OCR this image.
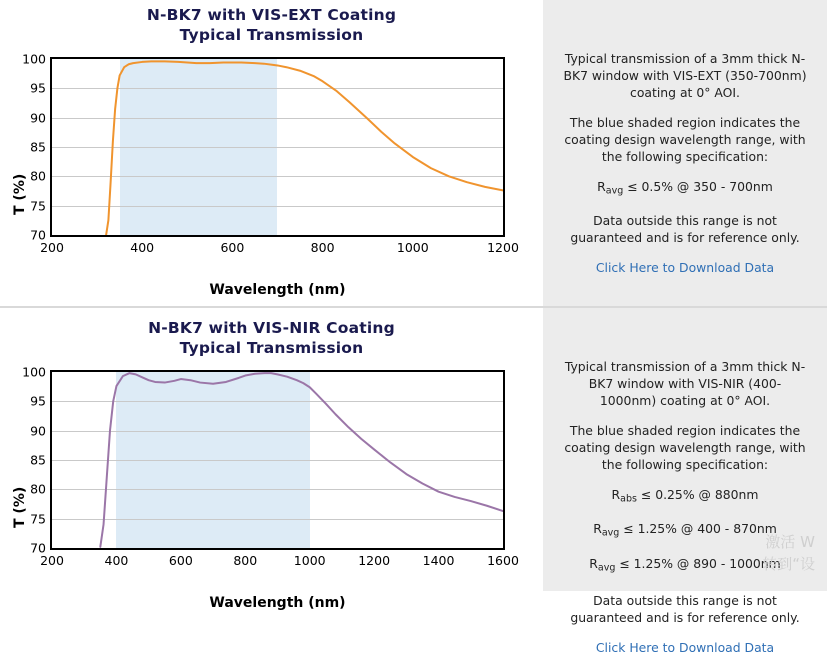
N-BK7 with VIS-EXT Coating
Typical Transmission
70
75
80
85
90
95
100
200	400	600	800	1000	1200
T (%)
Wavelength (nm)

Typical transmission of a 3mm thick N-BK7 window with VIS-EXT (350-700nm) coating at 0° AOI.

The blue shaded region indicates the coating design wavelength range, with the following specification:

$R_{avg} \le 0.5\%$ @ 350 - 700nm

Data outside this range is not guaranteed and is for reference only.

Click Here to Download Data
N-BK7 with VIS-NIR Coating
Typical Transmission
70
75
80
85
90
95
100
200	400	600	800	1000	1200	1400	1600
T (%)
Wavelength (nm)

Typical transmission of a 3mm thick N-BK7 window with VIS-NIR (400-1000nm) coating at 0° AOI.

The blue shaded region indicates the coating design wavelength range, with the following specification:

$R_{abs} \le 0.25\%$ @ 880nm

$R_{avg} \le 1.25\%$ @ 400 - 870nm

$R_{avg} \le 1.25\%$ @ 890 - 1000nm

Data outside this range is not guaranteed and is for reference only.

Click Here to Download Data
激活 W
转到“设
